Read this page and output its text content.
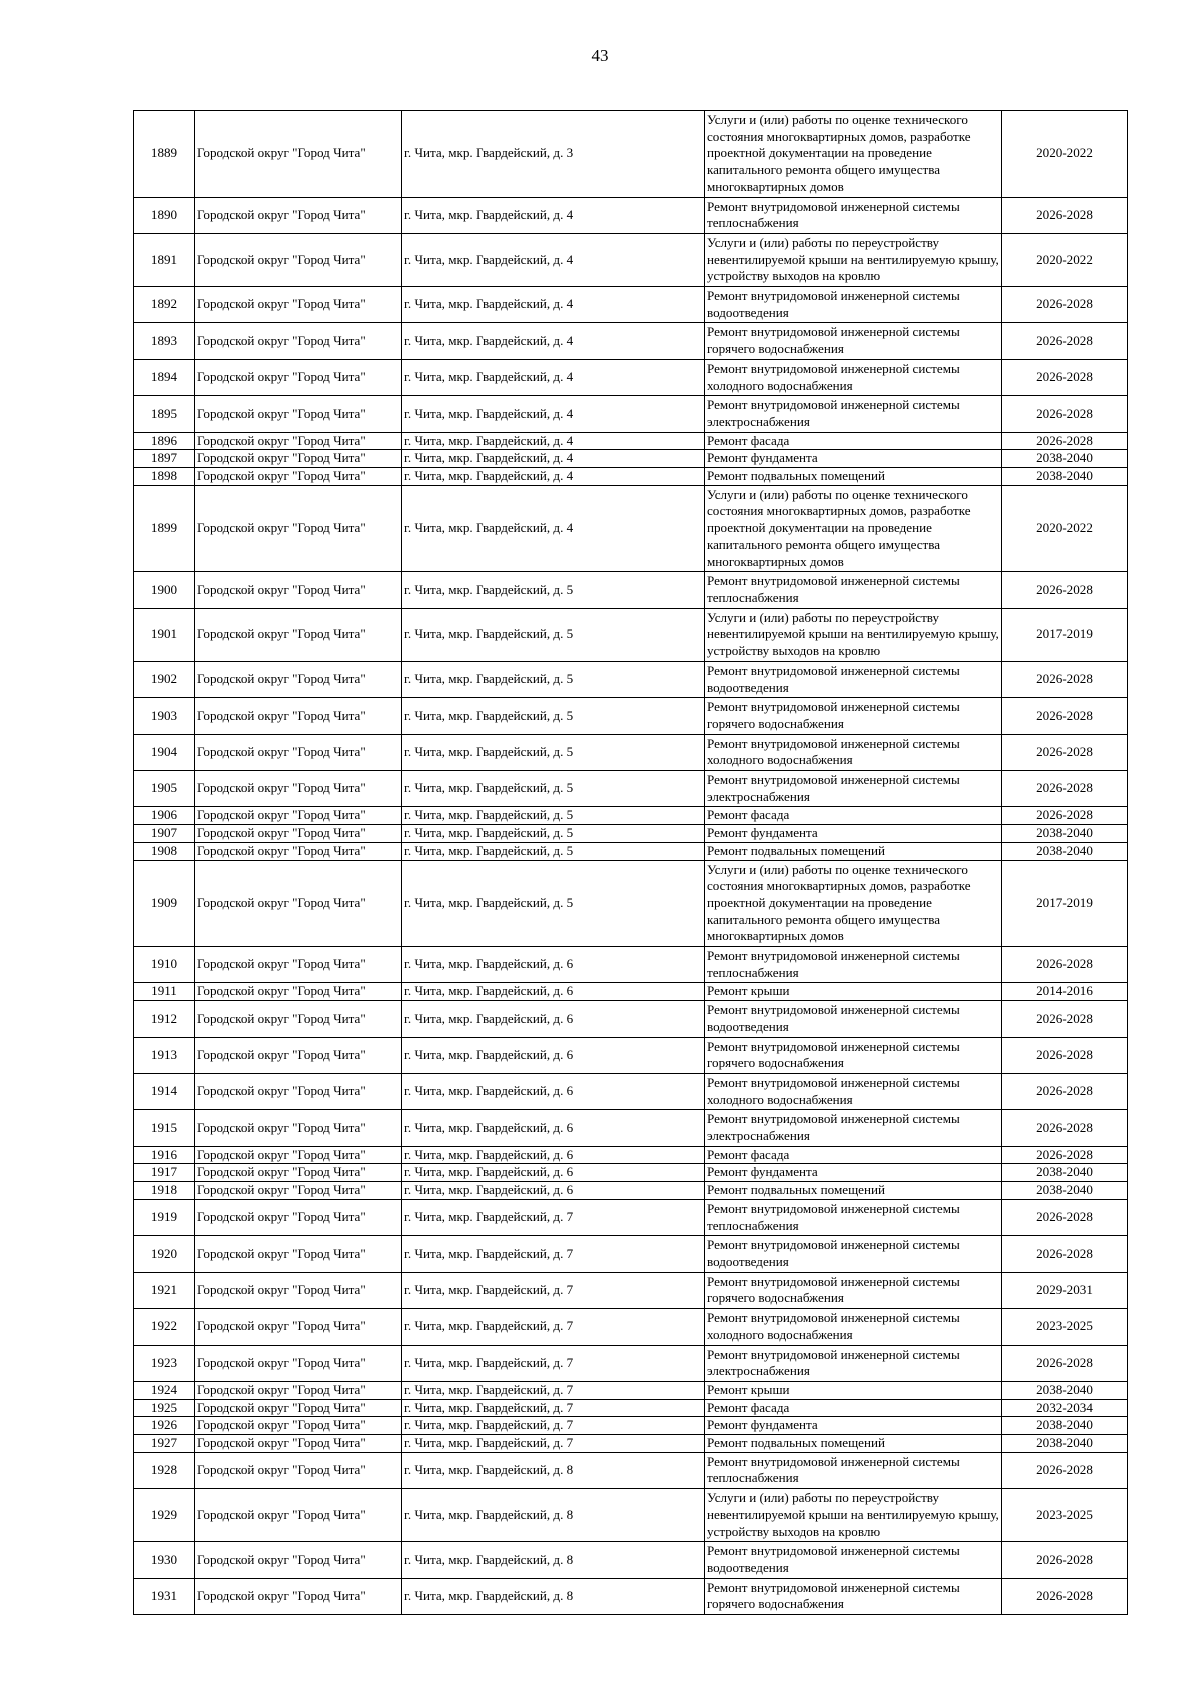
43
1889	Городской округ "Город Чита"	г. Чита, мкр. Гвардейский, д. 3	Услуги и (или) работы по оценке технического состояния многоквартирных домов, разработке проектной документации на проведение капитального ремонта общего имущества многоквартирных домов	2020-2022
1890	Городской округ "Город Чита"	г. Чита, мкр. Гвардейский, д. 4	Ремонт внутридомовой инженерной системы теплоснабжения	2026-2028
1891	Городской округ "Город Чита"	г. Чита, мкр. Гвардейский, д. 4	Услуги и (или) работы по переустройству невентилируемой крыши на вентилируемую крышу, устройству выходов на кровлю	2020-2022
1892	Городской округ "Город Чита"	г. Чита, мкр. Гвардейский, д. 4	Ремонт внутридомовой инженерной системы водоотведения	2026-2028
1893	Городской округ "Город Чита"	г. Чита, мкр. Гвардейский, д. 4	Ремонт внутридомовой инженерной системы горячего водоснабжения	2026-2028
1894	Городской округ "Город Чита"	г. Чита, мкр. Гвардейский, д. 4	Ремонт внутридомовой инженерной системы холодного водоснабжения	2026-2028
1895	Городской округ "Город Чита"	г. Чита, мкр. Гвардейский, д. 4	Ремонт внутридомовой инженерной системы электроснабжения	2026-2028
1896	Городской округ "Город Чита"	г. Чита, мкр. Гвардейский, д. 4	Ремонт фасада	2026-2028
1897	Городской округ "Город Чита"	г. Чита, мкр. Гвардейский, д. 4	Ремонт фундамента	2038-2040
1898	Городской округ "Город Чита"	г. Чита, мкр. Гвардейский, д. 4	Ремонт подвальных помещений	2038-2040
1899	Городской округ "Город Чита"	г. Чита, мкр. Гвардейский, д. 4	Услуги и (или) работы по оценке технического состояния многоквартирных домов, разработке проектной документации на проведение капитального ремонта общего имущества многоквартирных домов	2020-2022
1900	Городской округ "Город Чита"	г. Чита, мкр. Гвардейский, д. 5	Ремонт внутридомовой инженерной системы теплоснабжения	2026-2028
1901	Городской округ "Город Чита"	г. Чита, мкр. Гвардейский, д. 5	Услуги и (или) работы по переустройству невентилируемой крыши на вентилируемую крышу, устройству выходов на кровлю	2017-2019
1902	Городской округ "Город Чита"	г. Чита, мкр. Гвардейский, д. 5	Ремонт внутридомовой инженерной системы водоотведения	2026-2028
1903	Городской округ "Город Чита"	г. Чита, мкр. Гвардейский, д. 5	Ремонт внутридомовой инженерной системы горячего водоснабжения	2026-2028
1904	Городской округ "Город Чита"	г. Чита, мкр. Гвардейский, д. 5	Ремонт внутридомовой инженерной системы холодного водоснабжения	2026-2028
1905	Городской округ "Город Чита"	г. Чита, мкр. Гвардейский, д. 5	Ремонт внутридомовой инженерной системы электроснабжения	2026-2028
1906	Городской округ "Город Чита"	г. Чита, мкр. Гвардейский, д. 5	Ремонт фасада	2026-2028
1907	Городской округ "Город Чита"	г. Чита, мкр. Гвардейский, д. 5	Ремонт фундамента	2038-2040
1908	Городской округ "Город Чита"	г. Чита, мкр. Гвардейский, д. 5	Ремонт подвальных помещений	2038-2040
1909	Городской округ "Город Чита"	г. Чита, мкр. Гвардейский, д. 5	Услуги и (или) работы по оценке технического состояния многоквартирных домов, разработке проектной документации на проведение капитального ремонта общего имущества многоквартирных домов	2017-2019
1910	Городской округ "Город Чита"	г. Чита, мкр. Гвардейский, д. 6	Ремонт внутридомовой инженерной системы теплоснабжения	2026-2028
1911	Городской округ "Город Чита"	г. Чита, мкр. Гвардейский, д. 6	Ремонт крыши	2014-2016
1912	Городской округ "Город Чита"	г. Чита, мкр. Гвардейский, д. 6	Ремонт внутридомовой инженерной системы водоотведения	2026-2028
1913	Городской округ "Город Чита"	г. Чита, мкр. Гвардейский, д. 6	Ремонт внутридомовой инженерной системы горячего водоснабжения	2026-2028
1914	Городской округ "Город Чита"	г. Чита, мкр. Гвардейский, д. 6	Ремонт внутридомовой инженерной системы холодного водоснабжения	2026-2028
1915	Городской округ "Город Чита"	г. Чита, мкр. Гвардейский, д. 6	Ремонт внутридомовой инженерной системы электроснабжения	2026-2028
1916	Городской округ "Город Чита"	г. Чита, мкр. Гвардейский, д. 6	Ремонт фасада	2026-2028
1917	Городской округ "Город Чита"	г. Чита, мкр. Гвардейский, д. 6	Ремонт фундамента	2038-2040
1918	Городской округ "Город Чита"	г. Чита, мкр. Гвардейский, д. 6	Ремонт подвальных помещений	2038-2040
1919	Городской округ "Город Чита"	г. Чита, мкр. Гвардейский, д. 7	Ремонт внутридомовой инженерной системы теплоснабжения	2026-2028
1920	Городской округ "Город Чита"	г. Чита, мкр. Гвардейский, д. 7	Ремонт внутридомовой инженерной системы водоотведения	2026-2028
1921	Городской округ "Город Чита"	г. Чита, мкр. Гвардейский, д. 7	Ремонт внутридомовой инженерной системы горячего водоснабжения	2029-2031
1922	Городской округ "Город Чита"	г. Чита, мкр. Гвардейский, д. 7	Ремонт внутридомовой инженерной системы холодного водоснабжения	2023-2025
1923	Городской округ "Город Чита"	г. Чита, мкр. Гвардейский, д. 7	Ремонт внутридомовой инженерной системы электроснабжения	2026-2028
1924	Городской округ "Город Чита"	г. Чита, мкр. Гвардейский, д. 7	Ремонт крыши	2038-2040
1925	Городской округ "Город Чита"	г. Чита, мкр. Гвардейский, д. 7	Ремонт фасада	2032-2034
1926	Городской округ "Город Чита"	г. Чита, мкр. Гвардейский, д. 7	Ремонт фундамента	2038-2040
1927	Городской округ "Город Чита"	г. Чита, мкр. Гвардейский, д. 7	Ремонт подвальных помещений	2038-2040
1928	Городской округ "Город Чита"	г. Чита, мкр. Гвардейский, д. 8	Ремонт внутридомовой инженерной системы теплоснабжения	2026-2028
1929	Городской округ "Город Чита"	г. Чита, мкр. Гвардейский, д. 8	Услуги и (или) работы по переустройству невентилируемой крыши на вентилируемую крышу, устройству выходов на кровлю	2023-2025
1930	Городской округ "Город Чита"	г. Чита, мкр. Гвардейский, д. 8	Ремонт внутридомовой инженерной системы водоотведения	2026-2028
1931	Городской округ "Город Чита"	г. Чита, мкр. Гвардейский, д. 8	Ремонт внутридомовой инженерной системы горячего водоснабжения	2026-2028
